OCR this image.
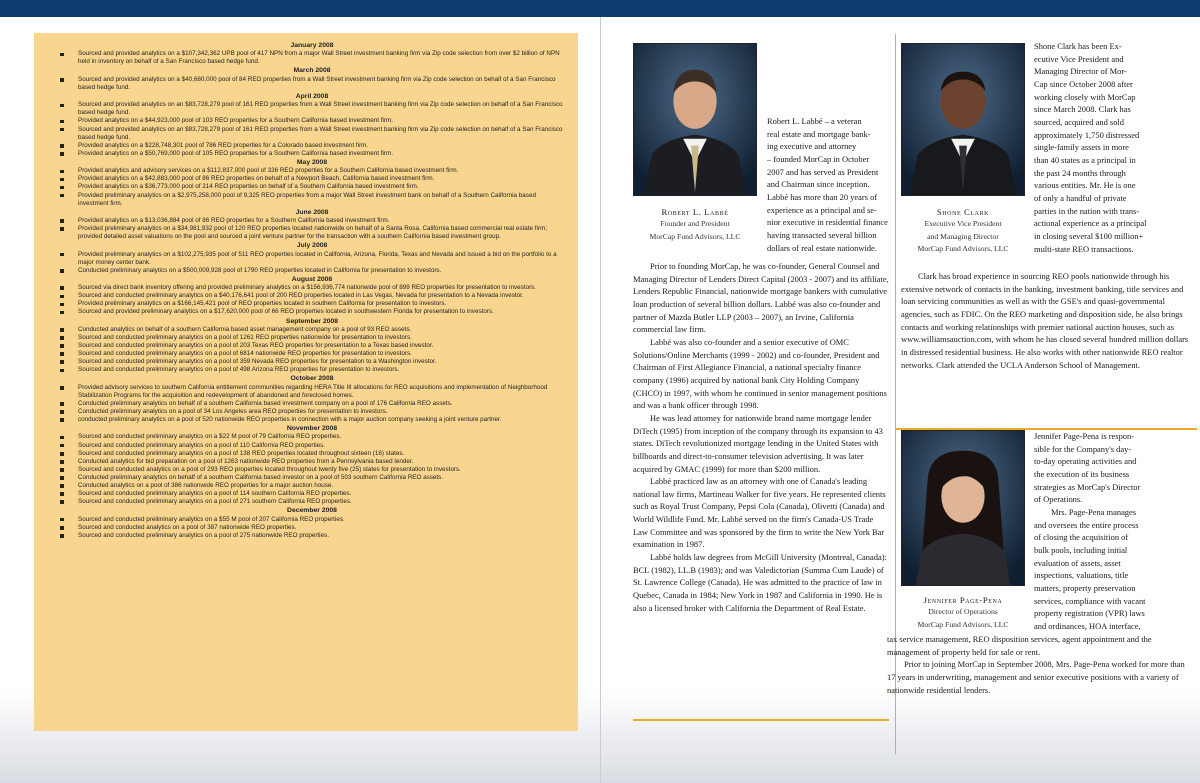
January 2008
Sourced and provided analytics on a $107,342,362 UPB pool of 417 NPN from a major Wall Street investment banking firm via Zip code selection from over $2 billion of NPN held in inventory on behalf of a San Francisco based hedge fund.
March 2008
Sourced and provided analytics on a $40,680,000 pool of 84 REO properties from a Wall Street investment banking firm via Zip code selection on behalf of a San Francisco based hedge fund.
April 2008
Sourced and provided analytics on an $83,728,279 pool of 161 REO properties from a Wall Street investment banking firm via Zip code selection on behalf of a San Francisco based hedge fund.
Provided analytics on a $44,923,000 pool of 103 REO properties for a Southern California based investment firm.
Sourced and provided analytics on an $83,728,279 pool of 161 REO properties from a Wall Street investment banking firm via Zip code selection on behalf of a San Francisco based hedge fund.
Provided analytics on a $228,748,301 pool of 786 REO properties for a Colorado based investment firm.
Provided analytics on a $50,769,000 pool of 105 REO properties for a Southern California based investment firm.
May 2008
Provided analytics and advisory services on a $112,837,000 pool of 336 REO properties for a Southern California based investment firm.
Provided analytics on a $42,883,000 pool of 86 REO properties on behalf of a Newport Beach, California based investment firm.
Provided analytics on a $36,773,000 pool of 214 REO properties on behalf of a Southern California based investment firm.
Provided preliminary analytics on a $2,975,258,000 pool of 9,325 REO properties from a major Wall Street investment bank on behalf of a Southern California based investment firm.
June 2008
Provided analytics on a $13,036,884 pool of 86 REO properties for a Southern California based investment firm.
Provided preliminary analytics on a $34,981,932 pool of 120 REO properties located nationwide on behalf of a Santa Rosa, California based commercial real estate firm; provided detailed asset valuations on the pool and sourced a joint venture partner for the transaction with a southern California based investment group.
July 2008
Provided preliminary analytics on a $102,275,935 pool of 511 REO properties located in California, Arizona, Florida, Texas and Nevada and issued a bid on the portfolio to a major money center bank.
Conducted preliminary analytics on a $500,009,928 pool of 1790 REO properties located in California for presentation to investors.
August 2008
Sourced via direct bank inventory offering and provided preliminary analytics on a $156,936,774 nationwide pool of 899 REO properties for presentation to investors.
Sourced and conducted preliminary analytics on a $40,176,641 pool of 200 REO properties located in Las Vegas, Nevada for presentation to a Nevada investor.
Provided preliminary analytics on a $166,145,421 pool of REO properties located in southern California for presentation to investors.
Sourced and provided preliminary analytics on a $17,620,000 pool of 66 REO properties located in southwestern Florida for presentation to investors.
September 2008
Conducted analytics on behalf of a southern California based asset management company on a pool of 93 REO assets.
Sourced and conducted preliminary analytics on a pool of 1261 REO properties nationwide for presentation to investors.
Sourced and conducted preliminary analytics on a pool of 203 Texas REO properties for presentation to a Texas based investor.
Sourced and conducted preliminary analytics on a pool of 6814 nationwide REO properties for presentation to investors.
Sourced and conducted preliminary analytics on a pool of 359 Nevada REO properties for presentation to a Washington investor.
Sourced and conducted preliminary analytics on a pool of 498 Arizona REO properties for presentation to investors.
October 2008
Provided advisory services to southern California entitlement communities regarding HERA Title III allocations for REO acquisitions and implementation of Neighborhood Stabilization Programs for the acquisition and redevelopment of abandoned and foreclosed homes.
Conducted preliminary analytics on behalf of a southern California based investment company on a pool of 176 California REO assets.
Conducted preliminary analytics on a pool of 34 Los Angeles area REO properties for presentation to investors.
conducted preliminary analytics on a pool of 520 nationwide REO properties in connection with a major auction company seeking a joint venture partner.
November 2008
Sourced and conducted preliminary analytics on a $22 M pool of 79 California REO properties.
Sourced and conducted preliminary analytics on a pool of 110 California REO properties.
Sourced and conducted preliminary analytics on a pool of 138 REO properties located throughout sixteen (16) states.
Conducted analytics for bid preparation on a pool of 1263 nationwide REO properties from a Pennsylvania based lender.
Sourced and conducted analytics on a pool of 293 REO properties located throughout twenty five (25) states for presentation to investors.
Conducted preliminary analytics on behalf of a southern California based investor on a pool of 503 southern California REO assets.
Conducted analytics on a pool of 386 nationwide REO properties for a major auction house.
Sourced and conducted preliminary analytics on a pool of 114 southern California REO properties.
Sourced and conducted preliminary analytics on a pool of 271 southern California REO properties.
December 2008
Sourced and conducted preliminary analytics on a $55 M pool of 207 California REO properties.
Sourced and conducted analytics on a pool of 387 nationwide REO properties.
Sourced and conducted preliminary analytics on a pool of 275 nationwide REO properties.
Robert L. Labbé
Founder and President
MorCap Fund Advisors, LLC

Robert L. Labbé – a veteran

real estate and mortgage bank-

ing executive and attorney

– founded MorCap in October

2007 and has served as President

and Chairman since inception.

Labbé has more than 20 years of

experience as a principal and se-

nior executive in residential finance

having transacted several billion

dollars of real estate nationwide.

Prior to founding MorCap, he was co-founder, General Counsel and Managing Director of Lenders Direct Capital (2003 - 2007) and its affiliate, Lenders Republic Financial, nationwide mortgage bankers with cumulative loan production of several billion dollars. Labbé was also co-founder and partner of Mazda Butler LLP (2003 – 2007), an Irvine, California commercial law firm.

Labbé was also co-founder and a senior executive of OMC Solutions/Online Merchants (1999 - 2002) and co-founder, President and Chairman of First Allegiance Financial, a national specialty finance company (1996) acquired by national bank City Holding Company (CHCO) in 1997, with whom he continued in senior management positions and was a bank officer through 1998.

He was lead attorney for nationwide brand name mortgage lender DiTech (1995) from inception of the company through its expansion to 43 states. DiTech revolutionized mortgage lending in the United States with billboards and direct-to-consumer television advertising. It was later acquired by GMAC (1999) for more than $200 million.

Labbé practiced law as an attorney with one of Canada's leading national law firms, Martineau Walker for five years. He represented clients such as Royal Trust Company, Pepsi Cola (Canada), Olivetti (Canada) and World Wildlife Fund. Mr. Labbé served on the firm's Canada-US Trade Law Committee and was sponsored by the firm to write the New York Bar examination in 1987.

Labbé holds law degrees from McGill University (Montreal, Canada): BCL (1982), LL.B (1983); and was Valedictorian (Summa Cum Laude) of St. Lawrence College (Canada). He was admitted to the practice of law in Quebec, Canada in 1984; New York in 1987 and California in 1990. He is also a licensed broker with California the Department of Real Estate.

Shone Clark
Executive Vice President
and Managing Director
MorCap Fund Advisors, LLC

Shone Clark has been Ex-

ecutive Vice President and

Managing Director of Mor-

Cap since October 2008 after

working closely with MorCap

since March 2008. Clark has

sourced, acquired and sold

approximately 1,750 distressed

single-family assets in more

than 40 states as a principal in

the past 24 months through

various entities. Mr. He is one

of only a handful of private

parties in the nation with trans-

actional experience as a principal

in closing several $100 million+

multi-state REO transactions.

Clark has broad experience in sourcing REO pools nationwide through his extensive network of contacts in the banking, investment banking, title services and loan servicing communities as well as with the GSE's and quasi-governmental agencies, such as FDIC. On the REO marketing and disposition side, he also brings contacts and working relationships with premier national auction houses, such as www.williamsauction.com, with whom he has closed several hundred million dollars in distressed residential business. He also works with other nationwide REO realtor networks. Clark attended the UCLA Anderson School of Management.

Jennifer Page-Pena
Director of Operations
MorCap Fund Advisors, LLC

Jennifer Page-Pena is respon-

sible for the Company's day-

to-day operating activities and

the execution of its business

strategies as MorCap's Director

of Operations.

Mrs. Page-Pena manages

and oversees the entire process

of closing the acquisition of

bulk pools, including initial

evaluation of assets, asset

inspections, valuations, title

matters, property preservation

services, compliance with vacant

property registration (VPR) laws

and ordinances, HOA interface,

tax service management, REO disposition services, agent appointment and the management of property held for sale or rent.

Prior to joining MorCap in September 2008, Mrs. Page-Pena worked for more than 17 years in underwriting, management and senior executive positions with a variety of nationwide residential lenders.
